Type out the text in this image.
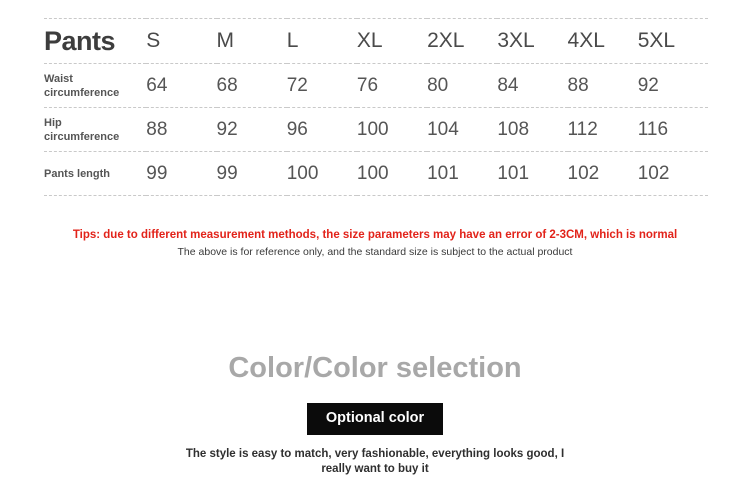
Pants	S	M	L	XL	2XL	3XL	4XL	5XL
Waist
circumference	64	68	72	76	80	84	88	92
Hip
circumference	88	92	96	100	104	108	112	116
Pants length	99	99	100	100	101	101	102	102
Tips: due to different measurement methods, the size parameters may have an error of 2-3CM, which is normal
The above is for reference only, and the standard size is subject to the actual product
Color/Color selection
Optional color
The style is easy to match, very fashionable, everything looks good, I
really want to buy it
